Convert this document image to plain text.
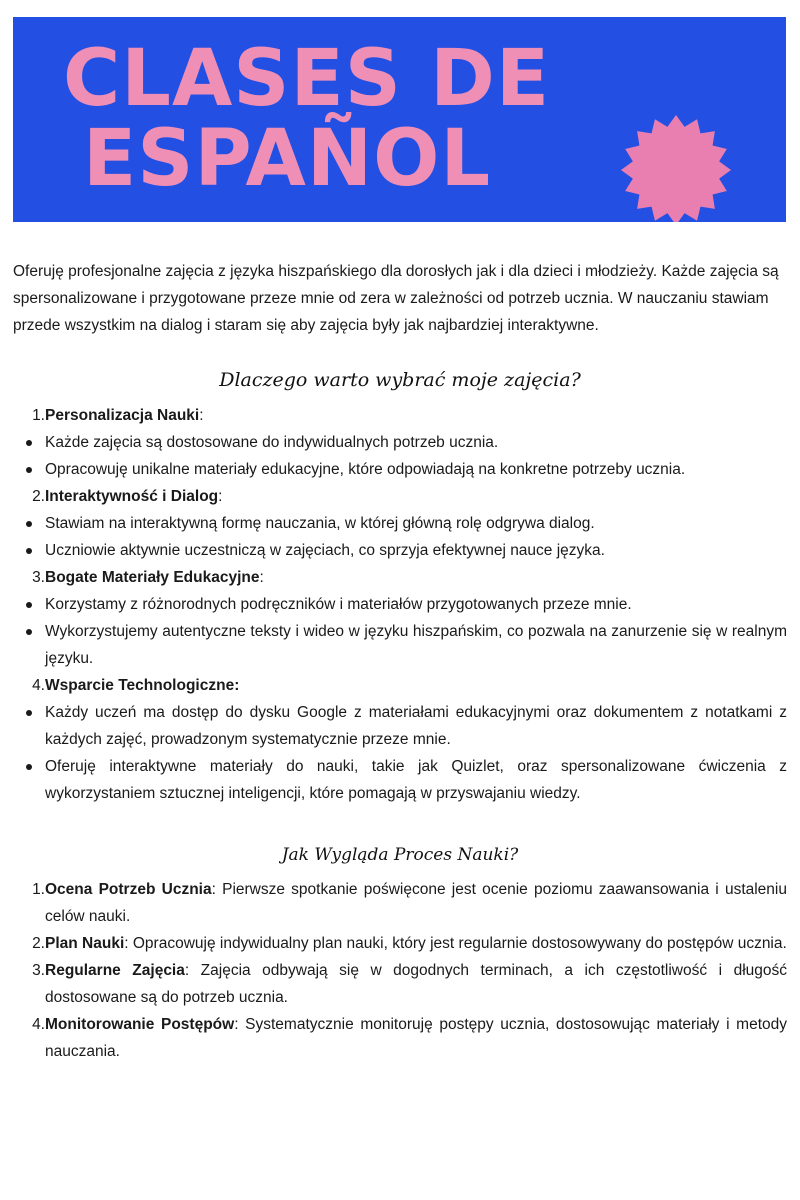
CLASES DE
ESPAÑOL

Oferuję profesjonalne zajęcia z języka hiszpańskiego dla dorosłych jak i dla dzieci i młodzieży. Każde zajęcia są spersonalizowane i przygotowane przeze mnie od zera w zależności od potrzeb ucznia. W nauczaniu stawiam przede wszystkim na dialog i staram się aby zajęcia były jak najbardziej interaktywne.

Dlaczego warto wybrać moje zajęcia?
1. Personalizacja Nauki:
Każde zajęcia są dostosowane do indywidualnych potrzeb ucznia.
Opracowuję unikalne materiały edukacyjne, które odpowiadają na konkretne potrzeby ucznia.
2. Interaktywność i Dialog:
Stawiam na interaktywną formę nauczania, w której główną rolę odgrywa dialog.
Uczniowie aktywnie uczestniczą w zajęciach, co sprzyja efektywnej nauce języka.
3. Bogate Materiały Edukacyjne:
Korzystamy z różnorodnych podręczników i materiałów przygotowanych przeze mnie.
Wykorzystujemy autentyczne teksty i wideo w języku hiszpańskim, co pozwala na zanurzenie się w realnym języku.
4. Wsparcie Technologiczne:
Każdy uczeń ma dostęp do dysku Google z materiałami edukacyjnymi oraz dokumentem z notatkami z każdych zajęć, prowadzonym systematycznie przeze mnie.
Oferuję interaktywne materiały do nauki, takie jak Quizlet, oraz spersonalizowane ćwiczenia z wykorzystaniem sztucznej inteligencji, które pomagają w przyswajaniu wiedzy.
Jak Wygląda Proces Nauki?
1. Ocena Potrzeb Ucznia: Pierwsze spotkanie poświęcone jest ocenie poziomu zaawansowania i ustaleniu celów nauki.
2. Plan Nauki: Opracowuję indywidualny plan nauki, który jest regularnie dostosowywany do postępów ucznia.
3. Regularne Zajęcia: Zajęcia odbywają się w dogodnych terminach, a ich częstotliwość i długość dostosowane są do potrzeb ucznia.
4. Monitorowanie Postępów: Systematycznie monitoruję postępy ucznia, dostosowując materiały i metody nauczania.
